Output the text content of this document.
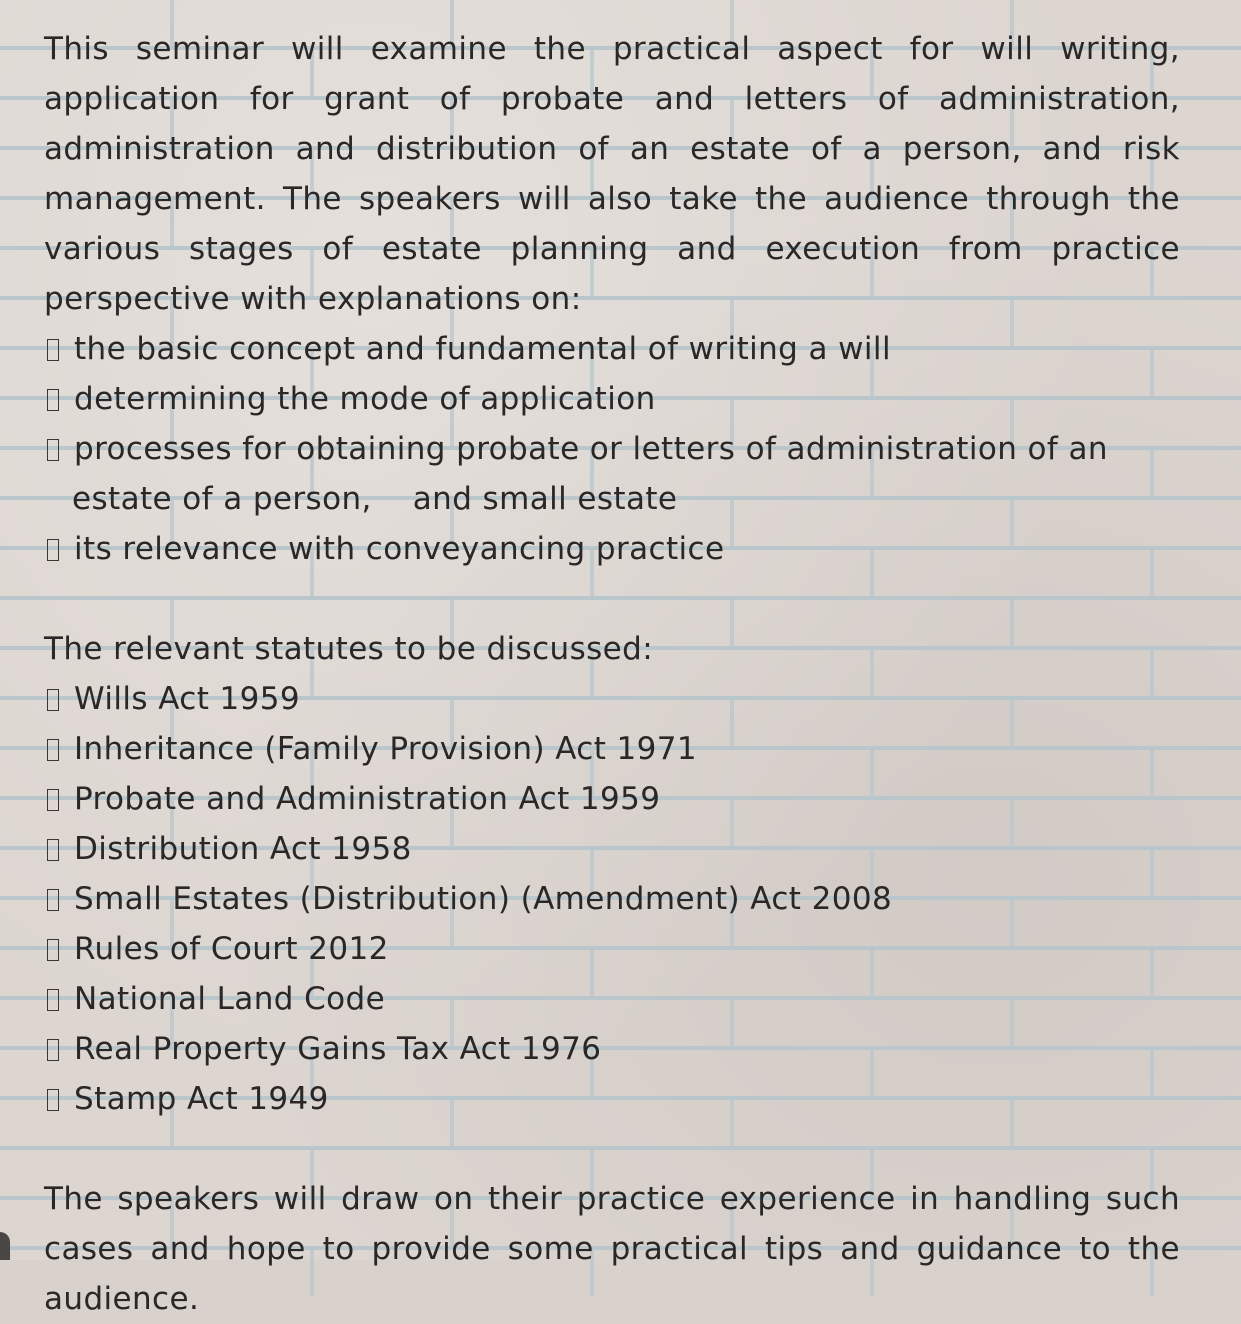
This seminar will examine the practical aspect for will writing, application for grant of probate and letters of administration, administration and distribution of an estate of a person, and risk management. The speakers will also take the audience through the various stages of estate planning and execution from practice perspective with explanations on:

the basic concept and fundamental of writing a will
determining the mode of application
processes for obtaining probate or letters of administration of an
estate of a person,    and small estate
its relevance with conveyancing practice

The relevant statutes to be discussed:

Wills Act 1959
Inheritance (Family Provision) Act 1971
Probate and Administration Act 1959
Distribution Act 1958
Small Estates (Distribution) (Amendment) Act 2008
Rules of Court 2012
National Land Code
Real Property Gains Tax Act 1976
Stamp Act 1949

The speakers will draw on their practice experience in handling such cases and hope to provide some practical tips and guidance to the audience.
